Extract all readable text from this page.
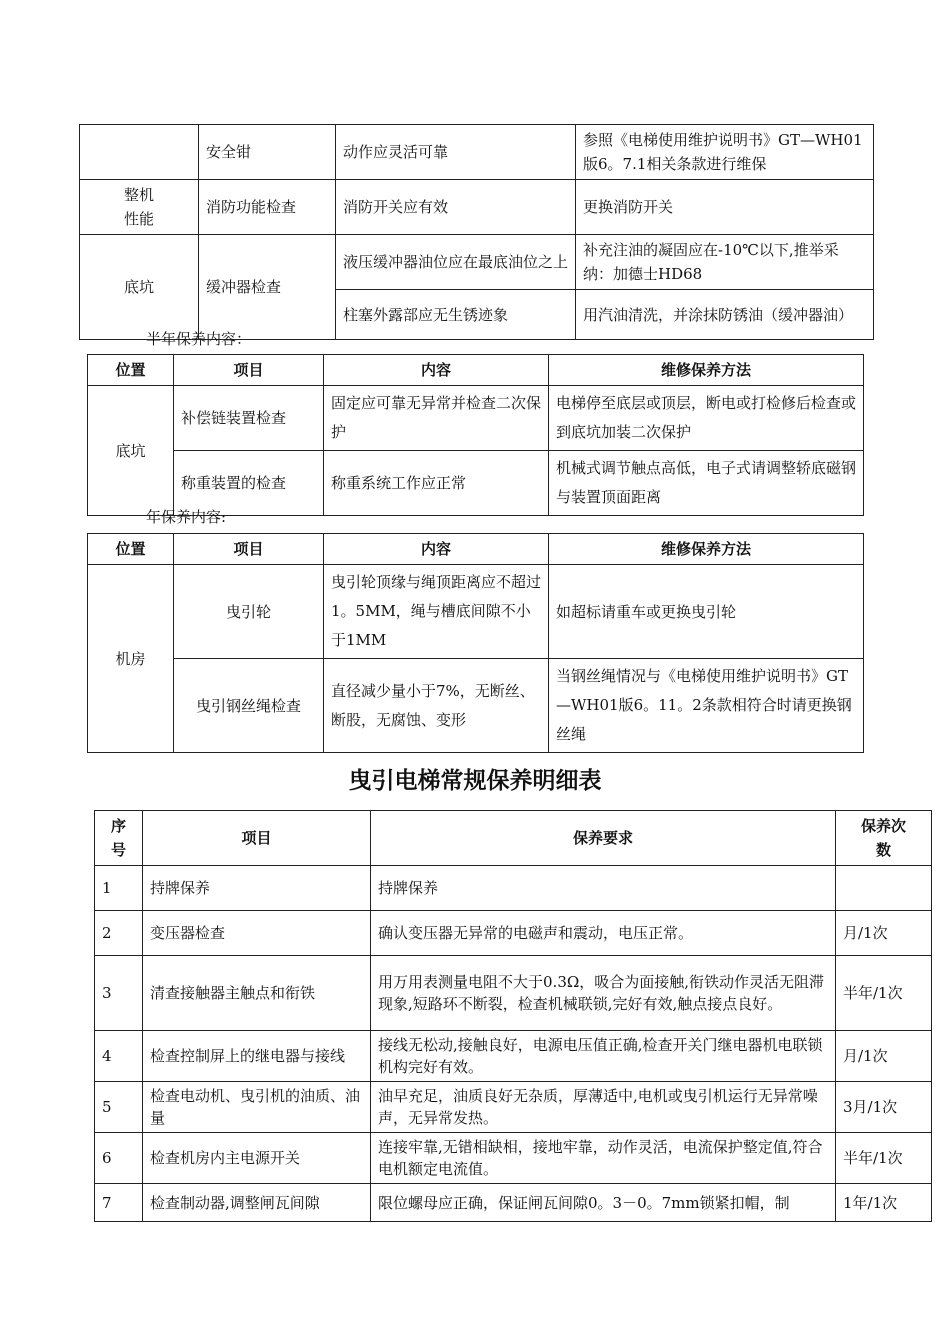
	安全钳	动作应灵活可靠	参照《电梯使用维护说明书》GT—WH01版6。7.1相关条款进行维保
整机性能	消防功能检查	消防开关应有效	更换消防开关
底坑	缓冲器检查	液压缓冲器油位应在最底油位之上	补充注油的凝固应在-10℃以下,推举采纳：加德士HD68
		柱塞外露部应无生锈迹象	用汽油清洗，并涂抹防锈油（缓冲器油）
半年保养内容：
位置	项目	内容	维修保养方法
底坑	补偿链装置检查	固定应可靠无异常并检查二次保护	电梯停至底层或顶层，断电或打检修后检查或到底坑加装二次保护
	称重装置的检查	称重系统工作应正常	机械式调节触点高低，电子式请调整轿底磁钢与装置顶面距离
年保养内容:
位置	项目	内容	维修保养方法
机房	曳引轮	曳引轮顶缘与绳顶距离应不超过1。5MM，绳与槽底间隙不小于1MM	如超标请重车或更换曳引轮
	曳引钢丝绳检查	直径减少量小于7%，无断丝、断股，无腐蚀、变形	当钢丝绳情况与《电梯使用维护说明书》GT—WH01版6。11。2条款相符合时请更换钢丝绳
曳引电梯常规保养明细表
序号	项目	保养要求	保养次数
1	持牌保养	持牌保养	
2	变压器检查	确认变压器无异常的电磁声和震动，电压正常。	月/1次
3	清查接触器主触点和衔铁	用万用表测量电阻不大于0.3Ω，吸合为面接触,衔铁动作灵活无阻滞现象,短路环不断裂，检查机械联锁,完好有效,触点接点良好。	半年/1次
4	检查控制屏上的继电器与接线	接线无松动,接触良好，电源电压值正确,检查开关门继电器机电联锁机构完好有效。	月/1次
5	检查电动机、曳引机的油质、油量	油早充足，油质良好无杂质，厚薄适中,电机或曳引机运行无异常噪声，无异常发热。	3月/1次
6	检查机房内主电源开关	连接牢靠,无错相缺相，接地牢靠，动作灵活，电流保护整定值,符合电机额定电流值。	半年/1次
7	检查制动器,调整闸瓦间隙	限位螺母应正确，保证闸瓦间隙0。3－0。7mm锁紧扣帽，制	1年/1次
